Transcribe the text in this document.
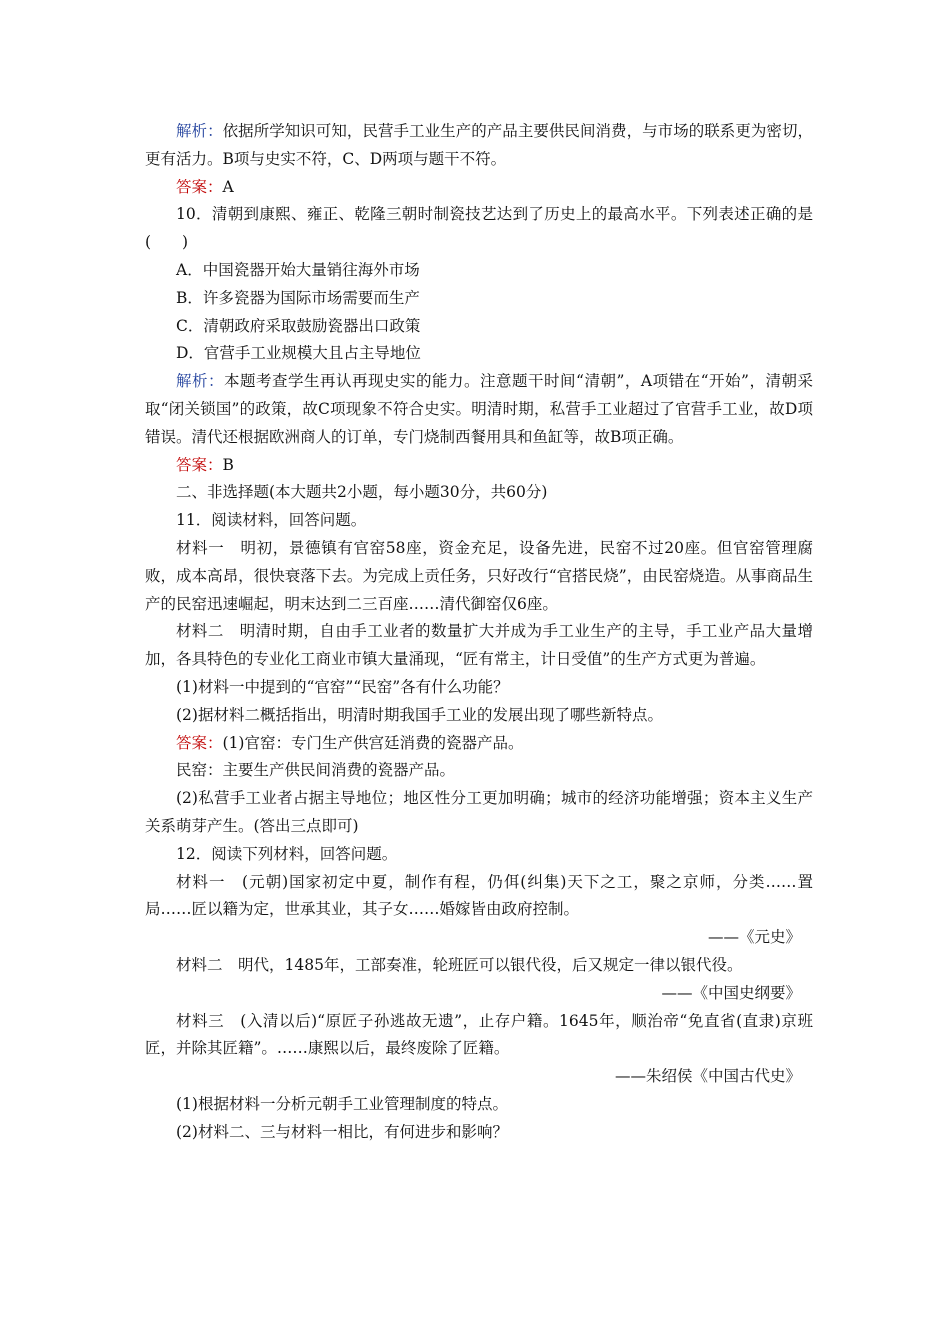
解析：依据所学知识可知，民营手工业生产的产品主要供民间消费，与市场的联系更为密切，更有活力。B项与史实不符，C、D两项与题干不符。

答案：A

10．清朝到康熙、雍正、乾隆三朝时制瓷技艺达到了历史上的最高水平。下列表述正确的是(　　)

A．中国瓷器开始大量销往海外市场

B．许多瓷器为国际市场需要而生产

C．清朝政府采取鼓励瓷器出口政策

D．官营手工业规模大且占主导地位

解析：本题考查学生再认再现史实的能力。注意题干时间“清朝”，A项错在“开始”，清朝采取“闭关锁国”的政策，故C项现象不符合史实。明清时期，私营手工业超过了官营手工业，故D项错误。清代还根据欧洲商人的订单，专门烧制西餐用具和鱼缸等，故B项正确。

答案：B

二、非选择题(本大题共2小题，每小题30分，共60分)

11．阅读材料，回答问题。

材料一　明初，景德镇有官窑58座，资金充足，设备先进，民窑不过20座。但官窑管理腐败，成本高昂，很快衰落下去。为完成上贡任务，只好改行“官搭民烧”，由民窑烧造。从事商品生产的民窑迅速崛起，明末达到二三百座……清代御窑仅6座。

材料二　明清时期，自由手工业者的数量扩大并成为手工业生产的主导，手工业产品大量增加，各具特色的专业化工商业市镇大量涌现，“匠有常主，计日受值”的生产方式更为普遍。

(1)材料一中提到的“官窑”“民窑”各有什么功能？

(2)据材料二概括指出，明清时期我国手工业的发展出现了哪些新特点。

答案：(1)官窑：专门生产供宫廷消费的瓷器产品。

民窑：主要生产供民间消费的瓷器产品。

(2)私营手工业者占据主导地位；地区性分工更加明确；城市的经济功能增强；资本主义生产关系萌芽产生。(答出三点即可)

12．阅读下列材料，回答问题。

材料一　(元朝)国家初定中夏，制作有程，仍佴(纠集)天下之工，聚之京师，分类……置局……匠以籍为定，世承其业，其子女……婚嫁皆由政府控制。

——《元史》

材料二　明代，1485年，工部奏准，轮班匠可以银代役，后又规定一律以银代役。

——《中国史纲要》

材料三　(入清以后)“原匠子孙逃故无遗”，止存户籍。1645年，顺治帝“免直省(直隶)京班匠，并除其匠籍”。……康熙以后，最终废除了匠籍。

——朱绍侯《中国古代史》

(1)根据材料一分析元朝手工业管理制度的特点。

(2)材料二、三与材料一相比，有何进步和影响？
